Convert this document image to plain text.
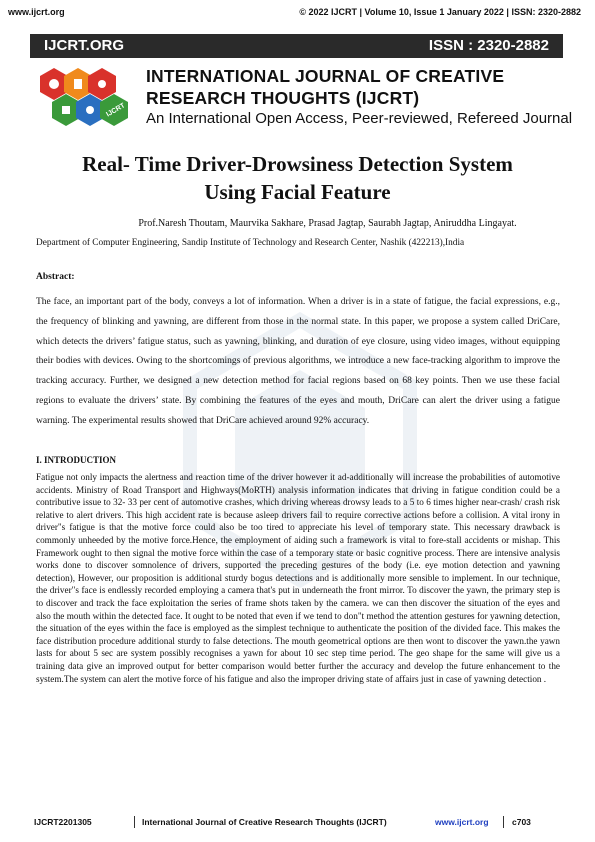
www.ijcrt.org	© 2022 IJCRT | Volume 10, Issue 1 January 2022 | ISSN: 2320-2882
IJCRT.ORG	ISSN : 2320-2882
IJCRT
INTERNATIONAL JOURNAL OF CREATIVE
RESEARCH THOUGHTS (IJCRT)
An International Open Access, Peer-reviewed, Refereed Journal
Real- Time Driver-Drowsiness Detection System
Using Facial Feature
Prof.Naresh Thoutam, Maurvika Sakhare, Prasad Jagtap, Saurabh Jagtap, Aniruddha Lingayat.
Department of Computer Engineering, Sandip Institute of Technology and Research Center, Nashik (422213),India
Abstract:
The face, an important part of the body, conveys a lot of information. When a driver is in a state of fatigue, the facial expressions, e.g., the frequency of blinking and yawning, are different from those in the normal state. In this paper, we propose a system called DriCare, which detects the drivers’ fatigue status, such as yawning, blinking, and duration of eye closure, using video images, without equipping their bodies with devices. Owing to the shortcomings of previous algorithms, we introduce a new face-tracking algorithm to improve the tracking accuracy. Further, we designed a new detection method for facial regions based on 68 key points. Then we use these facial regions to evaluate the drivers’ state. By combining the features of the eyes and mouth, DriCare can alert the driver using a fatigue warning. The experimental results showed that DriCare achieved around 92% accuracy.
I. INTRODUCTION
Fatigue not only impacts the alertness and reaction time of the driver however it ad-additionally will increase the probabilities of automotive accidents. Ministry of Road Transport and Highways(MoRTH) analysis information indicates that driving in fatigue condition could be a contributive issue to 32- 33 per cent of automotive crashes, which driving whereas drowsy leads to a 5 to 6 times higher near-crash/ crash risk relative to alert drivers. This high accident rate is because asleep drivers fail to require corrective actions before a collision. A vital irony in driver"s fatigue is that the motive force could also be too tired to appreciate his level of temporary state. This necessary drawback is commonly unheeded by the motive force.Hence, the employment of aiding such a framework is vital to fore-stall accidents or mishap. This Framework ought to then signal the motive force within the case of a temporary state or basic cognitive process. There are intensive analysis works done to discover somnolence of drivers, supported the preceding gestures of the body (i.e. eye motion detection and yawning detection), However, our proposition is additional sturdy bogus detections and is additionally more sensible to implement. In our technique, the driver"s face is endlessly recorded employing a camera that's put in underneath the front mirror. To discover the yawn, the primary step is to discover and track the face exploitation the series of frame shots taken by the camera. we can then discover the situation of the eyes and also the mouth within the detected face. It ought to be noted that even if we tend to don"t method the attention gestures for yawning detection, the situation of the eyes within the face is employed as the simplest technique to authenticate the position of the divided face. This makes the face distribution procedure additional sturdy to false detections. The mouth geometrical options are then wont to discover the yawn.the yawn lasts for about 5 sec are system possibly recognises a yawn for about 10 sec step time period. The geo shape for the same will give us a training data give an improved output for better comparison would better further the accuracy and develop the future enhancement to the system.The system can alert the motive force of his fatigue and also the improper driving state of affairs just in case of yawning detection .
IJCRT2201305	International Journal of Creative Research Thoughts (IJCRT)	www.ijcrt.org	c703
